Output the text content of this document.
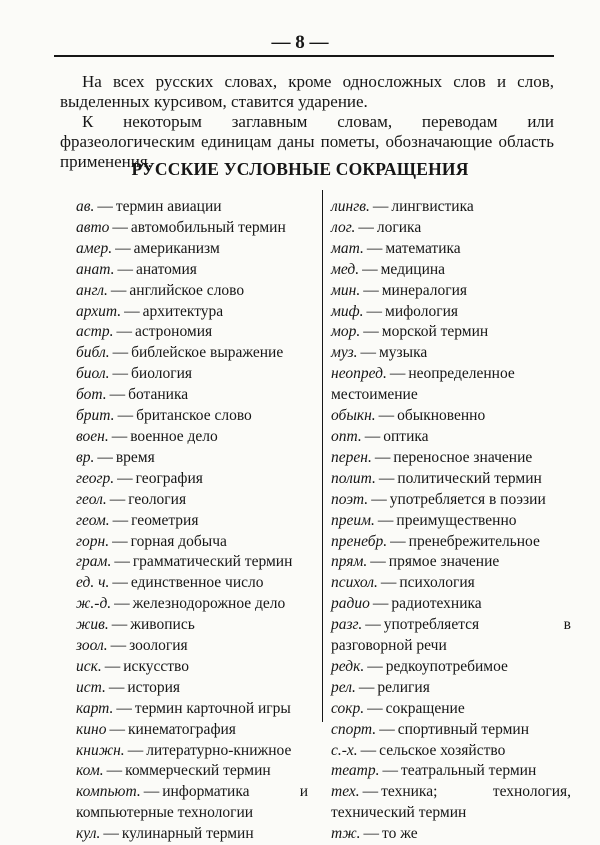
— 8 —

На всех русских словах, кроме односложных слов и слов, выделенных курсивом, ставится ударение.

К некоторым заглавным словам, переводам или фразеологическим единицам даны пометы, обозначающие область применения.

РУССКИЕ УСЛОВНЫЕ СОКРАЩЕНИЯ
ав. — термин авиации
авто — автомобильный термин
амер. — американизм
анат. — анатомия
англ. — английское слово
архит. — архитектура
астр. — астрономия
библ. — библейское выражение
биол. — биология
бот. — ботаника
брит. — британское слово
воен. — военное дело
вр. — время
геогр. — география
геол. — геология
геом. — геометрия
горн. — горная добыча
грам. — грамматический термин
ед. ч. — единственное число
ж.-д. — железнодорожное дело
жив. — живопись
зоол. — зоология
иск. — искусство
ист. — история
карт. — термин карточной игры
кино — кинематография
книжн. — литературно-книжное
ком. — коммерческий термин
компьют. — информатика и компьютерные технологии
кул. — кулинарный термин
лингв. — лингвистика
лог. — логика
мат. — математика
мед. — медицина
мин. — минералогия
миф. — мифология
мор. — морской термин
муз. — музыка
неопред. — неопределенное местоимение
обыкн. — обыкновенно
опт. — оптика
перен. — переносное значение
полит. — политический термин
поэт. — употребляется в поэзии
преим. — преимущественно
пренебр. — пренебрежительное
прям. — прямое значение
психол. — психология
радио — радиотехника
разг. — употребляется в разговорной речи
редк. — редкоупотребимое
рел. — религия
сокр. — сокращение
спорт. — спортивный термин
с.-х. — сельское хозяйство
театр. — театральный термин
тех. — техника; технология, технический термин
тж. — то же
